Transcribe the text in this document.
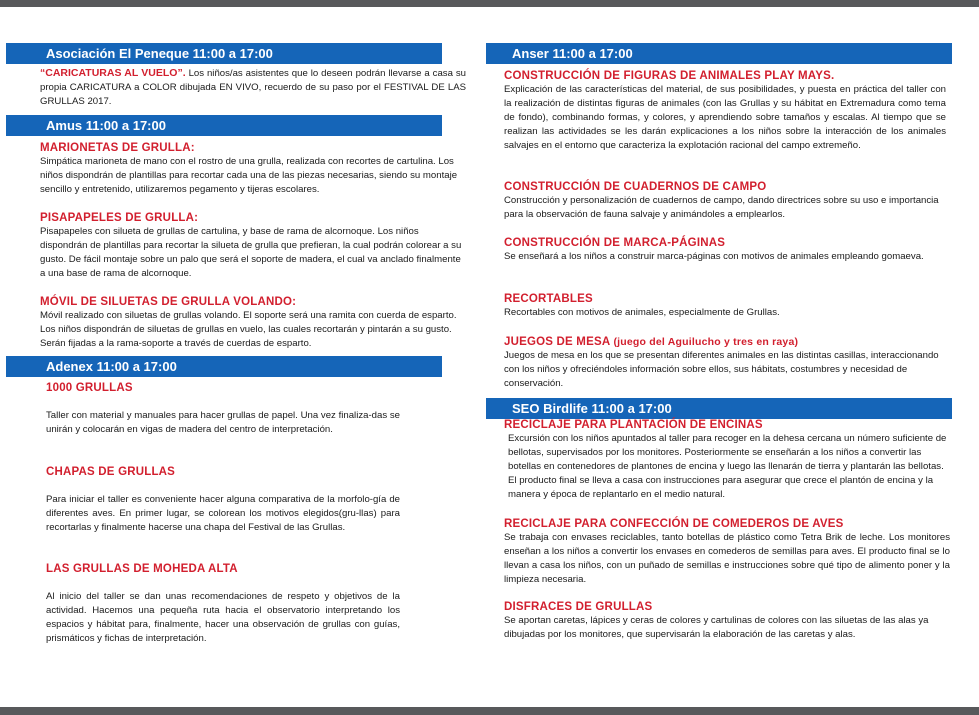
Asociación El Peneque 11:00 a 17:00
“CARICATURAS AL VUELO”. Los niños/as asistentes que lo deseen podrán llevarse a casa su propia CARICATURA a COLOR dibujada EN VIVO, recuerdo de su paso por el FESTIVAL DE LAS GRULLAS 2017.
Amus 11:00 a 17:00

MARIONETAS DE GRULLA:

Simpática marioneta de mano con el rostro de una grulla, realizada con recortes de cartulina. Los niños dispondrán de plantillas para recortar cada una de las piezas necesarias, siendo su montaje sencillo y entretenido, utilizaremos pegamento y tijeras escolares.

PISAPAPELES DE GRULLA:

Pisapapeles con silueta de grullas de cartulina, y base de rama de alcornoque. Los niños dispondrán de plantillas para recortar la silueta de grulla que prefieran, la cual podrán colorear a su gusto. De fácil montaje sobre un palo que será el soporte de madera, el cual va anclado finalmente a una base de rama de alcornoque.

MÓVIL DE SILUETAS DE GRULLA VOLANDO:

Móvil realizado con siluetas de grullas volando. El soporte será una ramita con cuerda de esparto. Los niños dispondrán de siluetas de grullas en vuelo, las cuales recortarán y pintarán a su gusto. Serán fijadas a la rama-soporte a través de cuerdas de esparto.

Adenex 11:00 a 17:00

1000 GRULLAS

Taller con material y manuales para hacer grullas de papel. Una vez finaliza-das se unirán y colocarán en vigas de madera del centro de interpretación.

CHAPAS DE GRULLAS

Para iniciar el taller es conveniente hacer alguna comparativa de la morfolo-gía de diferentes aves. En primer lugar, se colorean los motivos elegidos(gru-llas) para recortarlas y finalmente hacerse una chapa del Festival de las Grullas.

LAS GRULLAS DE MOHEDA ALTA

Al inicio del taller se dan unas recomendaciones de respeto y objetivos de la actividad. Hacemos una pequeña ruta hacia el observatorio interpretando los espacios y hábitat para, finalmente, hacer una observación de grullas con guías, prismáticos y fichas de interpretación.

Anser 11:00 a 17:00

CONSTRUCCIÓN DE FIGURAS DE ANIMALES PLAY MAYS.

Explicación de las características del material, de sus posibilidades, y puesta en práctica del taller con la realización de distintas figuras de animales (con las Grullas y su hábitat en Extremadura como tema de fondo), combinando formas, y colores, y aprendiendo sobre tamaños y escalas. Al tiempo que se realizan las actividades se les darán explicaciones a los niños sobre la interacción de los animales salvajes en el entorno que caracteriza la explotación racional del campo extremeño.

CONSTRUCCIÓN DE CUADERNOS DE CAMPO

Construcción y personalización de cuadernos de campo, dando directrices sobre su uso e importancia para la observación de fauna salvaje y animándoles a emplearlos.

CONSTRUCCIÓN DE MARCA-PÁGINAS

Se enseñará a los niños a construir marca-páginas con motivos de animales empleando gomaeva.

RECORTABLES

Recortables con motivos de animales, especialmente de Grullas.

JUEGOS DE MESA (juego del Aguilucho y tres en raya)

Juegos de mesa en los que se presentan diferentes animales en las distintas casillas, interaccionando con los niños y ofreciéndoles información sobre ellos, sus hábitats, costumbres y necesidad de conservación.

SEO Birdlife 11:00 a 17:00

RECICLAJE PARA PLANTACIÓN DE ENCINAS

Excursión con los niños apuntados al taller para recoger en la dehesa cercana un número suficiente de bellotas, supervisados por los monitores. Posteriormente se enseñarán a los niños a convertir las botellas en contenedores de plantones de encina y luego las llenarán de tierra y plantarán las bellotas. El producto final se lleva a casa con instrucciones para asegurar que crece el plantón de encina y la manera y época de replantarlo en el medio natural.

RECICLAJE PARA CONFECCIÓN DE COMEDEROS DE AVES

Se trabaja con envases reciclables, tanto botellas de plástico como Tetra Brik de leche. Los monitores enseñan a los niños a convertir los envases en comederos de semillas para aves. El producto final se lo llevan a casa los niños, con un puñado de semillas e instrucciones sobre qué tipo de alimento poner y la limpieza necesaria.

DISFRACES DE GRULLAS

Se aportan caretas, lápices y ceras de colores y cartulinas de colores con las siluetas de las alas ya dibujadas por los monitores, que supervisarán la elaboración de las caretas y alas.
